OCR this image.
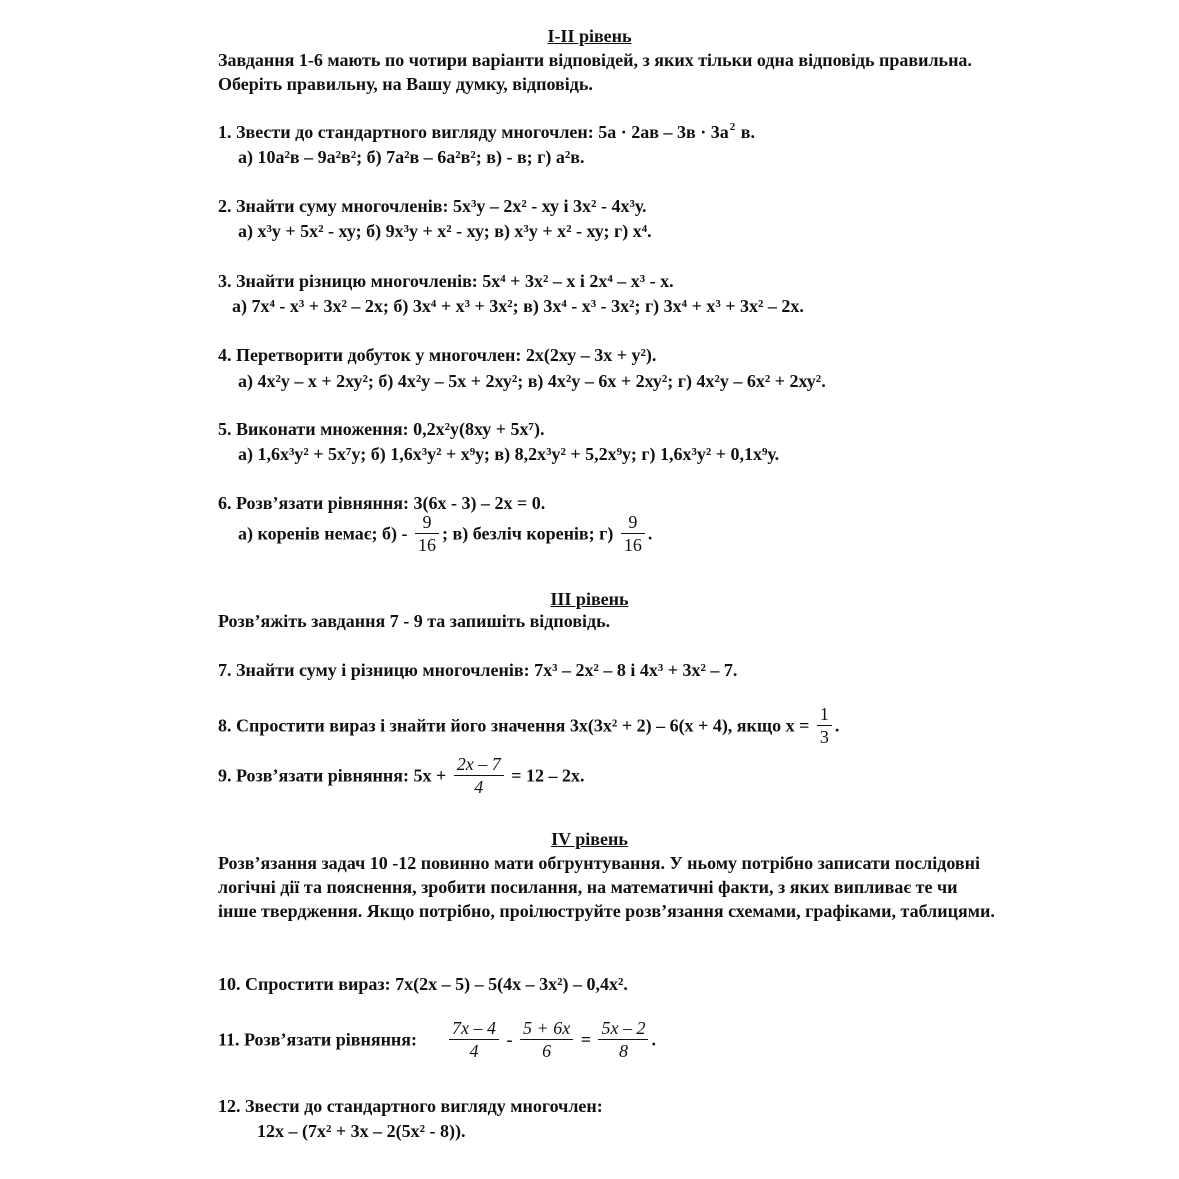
I-II рівень
Завдання 1-6 мають по чотири варіанти відповідей, з яких тільки одна відповідь правильна. Оберіть правильну, на Вашу думку, відповідь.
1. Звести до стандартного вигляду многочлен: $5а \cdot 2ав - 3в \cdot 3а^2$ в.
а) 10а²в – 9а²в²; б) 7а²в – 6а²в²; в) - в; г) а²в.
2. Знайти суму многочленів: 5х³у – 2х² - ху і 3х² - 4х³у.
а) х³у + 5х² - ху; б) 9х³у + х² - ху; в) х³у + х² - ху; г) х⁴.
3. Знайти різницю многочленів: 5х⁴ + 3х² – х і 2х⁴ – х³ - х.
а) 7х⁴ - х³ + 3х² – 2х; б) 3х⁴ + х³ + 3х²; в) 3х⁴ - х³ - 3х²; г) 3х⁴ + х³ + 3х² – 2х.
4. Перетворити добуток у многочлен: 2х(2ху – 3х + у²).
а) 4х²у – х + 2ху²; б) 4х²у – 5х + 2ху²; в) 4х²у – 6х + 2ху²; г) 4х²у – 6х² + 2ху².
5. Виконати множення: 0,2х²у(8ху + 5х⁷).
а) 1,6х³у² + 5х⁷у; б) 1,6х³у² + х⁹у; в) 8,2х³у² + 5,2х⁹у; г) 1,6х³у² + 0,1х⁹у.
6. Розв’язати рівняння: 3(6х - 3) – 2х = 0.
а) коренів немає; $б) - \frac{9}{16}$ ; в) безліч коренів; $г) \frac{9}{16}$ .
ІІІ рівень
Розв’яжіть завдання 7 - 9 та запишіть відповідь.
7. Знайти суму і різницю многочленів: 7х³ – 2х² – 8 і 4х³ + 3х² – 7.
8. Спростити вираз і знайти його значення 3х(3х² + 2) – 6(х + 4), якщо $х = \frac{1}{3}$ .
9. Розв’язати рівняння: $5х + \frac{2x - 7}{4} = 12 - 2х$.
IV рівень
Розв’язання задач 10 -12 повинно мати обгрунтування. У ньому потрібно записати послідовні логічні дії та пояснення, зробити посилання, на математичні факти, з яких випливає те чи інше твердження. Якщо потрібно, проілюструйте розв’язання схемами, графіками, таблицями.
10. Спростити вираз: 7х(2х – 5) – 5(4х – 3х²) – 0,4х².
11. Розв’язати рівняння: $\frac{7x - 4}{4} - \frac{5 + 6x}{6} = \frac{5x - 2}{8}$ .
12. Звести до стандартного вигляду многочлен:
12х – (7х² + 3х – 2(5х² - 8)).
